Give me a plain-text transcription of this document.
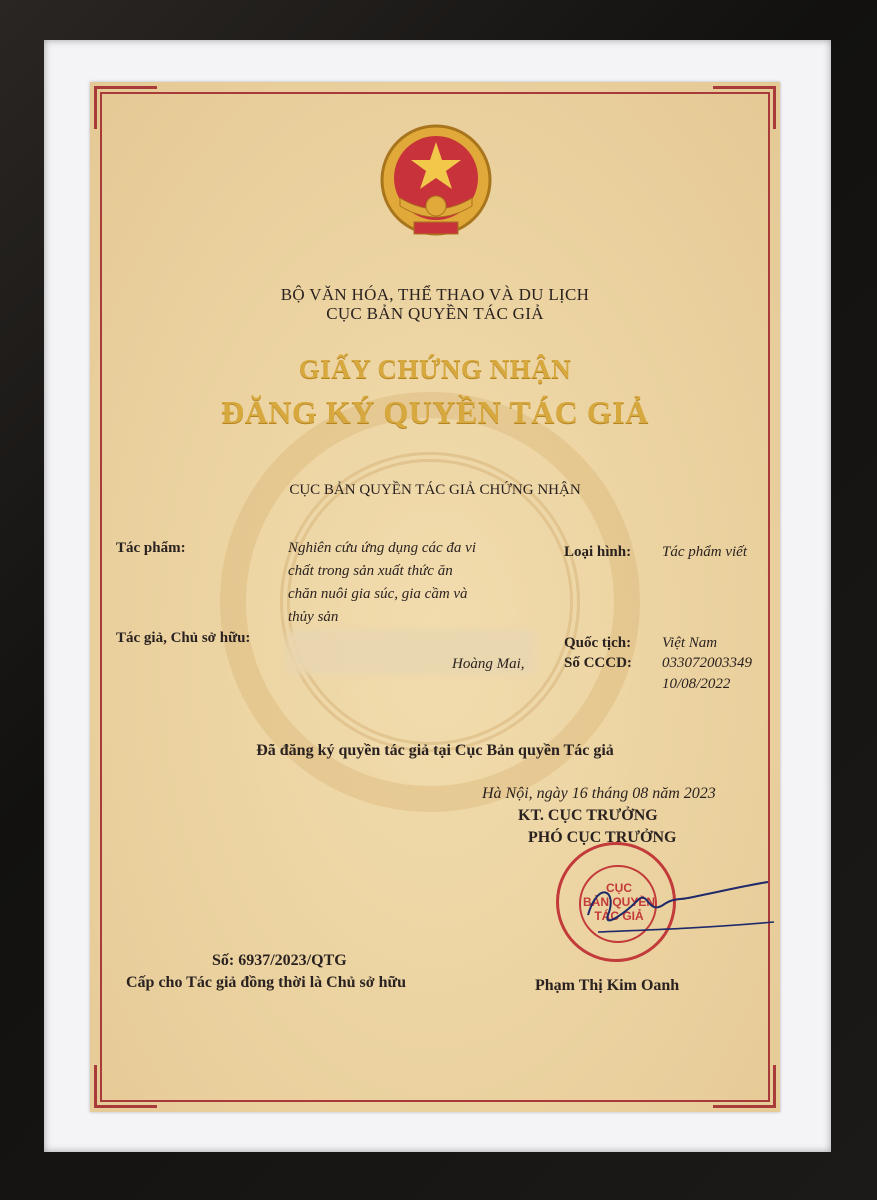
BỘ VĂN HÓA, THỂ THAO VÀ DU LỊCH
CỤC BẢN QUYỀN TÁC GIẢ
GIẤY CHỨNG NHẬN
ĐĂNG KÝ QUYỀN TÁC GIẢ
CỤC BẢN QUYỀN TÁC GIẢ CHỨNG NHẬN
Tác phẩm:	Nghiên cứu ứng dụng các đa vi
chất trong sản xuất thức ăn
chăn nuôi gia súc, gia cầm và
thủy sản
Loại hình: Tác phẩm viết
Tác giả, Chủ sở hữu:
Hoàng Mai,
Quốc tịch: Việt Nam
Số CCCD: 033072003349
10/08/2022
Đã đăng ký quyền tác giả tại Cục Bản quyền Tác giả
Hà Nội, ngày 16 tháng 08 năm 2023
KT. CỤC TRƯỞNG
PHÓ CỤC TRƯỞNG
CỤC
BẢN QUYỀN
TÁC GIẢ
Số: 6937/2023/QTG
Cấp cho Tác giả đồng thời là Chủ sở hữu	Phạm Thị Kim Oanh
